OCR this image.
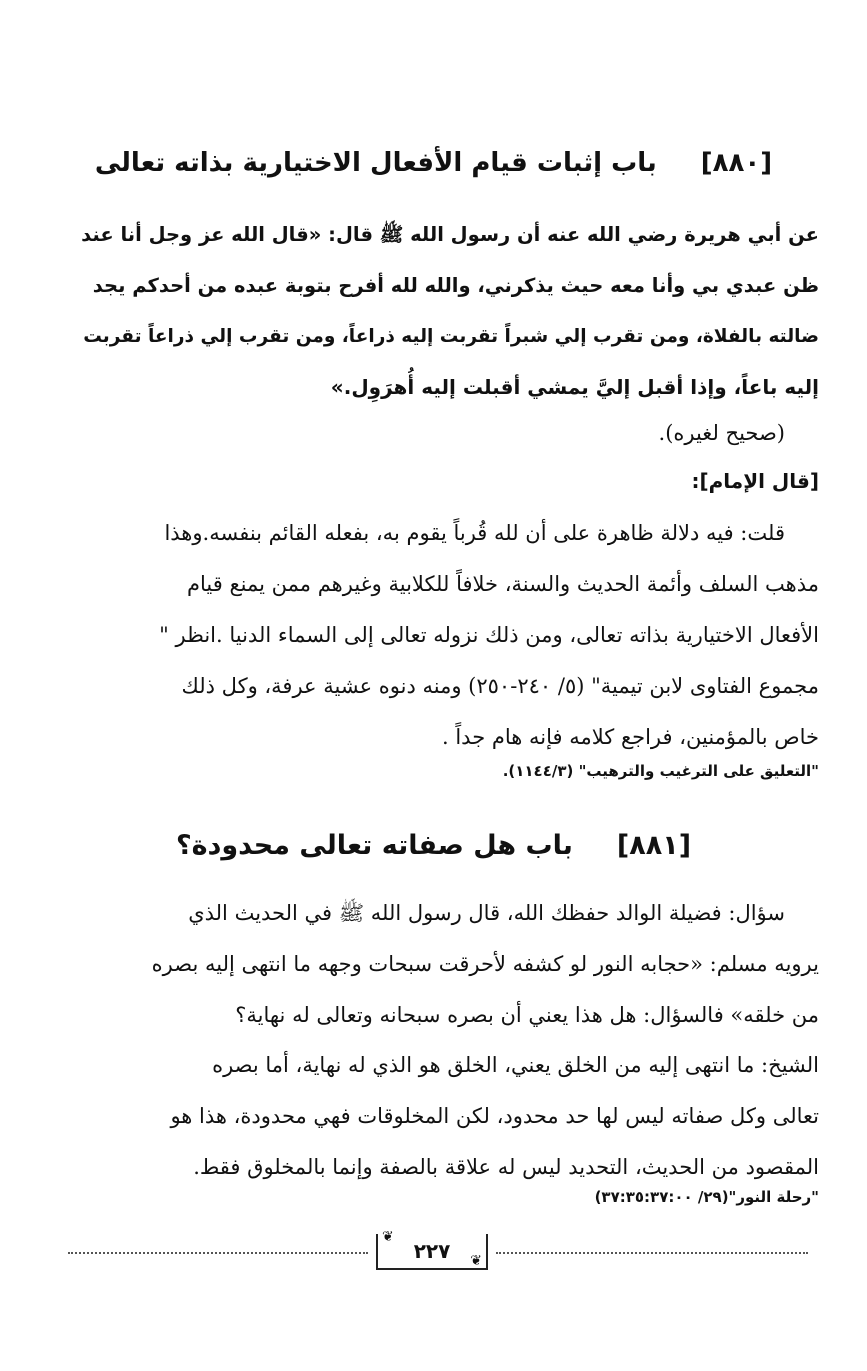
[٨٨٠]باب إثبات قيام الأفعال الاختيارية بذاته تعالى
عن أبي هريرة رضي الله عنه أن رسول الله ﷺ قال: «قال الله عز وجل أنا عند
ظن عبدي بي وأنا معه حيث يذكرني، والله لله أفرح بتوبة عبده من أحدكم يجد
ضالته بالفلاة، ومن تقرب إلي شبراً تقربت إليه ذراعاً، ومن تقرب إلي ذراعاً تقربت
إليه باعاً، وإذا أقبل إليَّ يمشي أقبلت إليه أُهرَوِل.»
(صحيح لغيره).
[قال الإمام]:
قلت: فيه دلالة ظاهرة على أن لله قُرباً يقوم به، بفعله القائم بنفسه.وهذا
مذهب السلف وأئمة الحديث والسنة، خلافاً للكلابية وغيرهم ممن يمنع قيام
الأفعال الاختيارية بذاته تعالى، ومن ذلك نزوله تعالى إلى السماء الدنيا .انظر "
مجموع الفتاوى لابن تيمية" (٥/ ٢٤٠-٢٥٠) ومنه دنوه عشية عرفة، وكل ذلك
خاص بالمؤمنين، فراجع كلامه فإنه هام جداً .
"التعليق على الترغيب والترهيب" (١١٤٤/٣).
[٨٨١]باب هل صفاته تعالى محدودة؟
سؤال: فضيلة الوالد حفظك الله، قال رسول الله ﷺ في الحديث الذي
يرويه مسلم: «حجابه النور لو كشفه لأحرقت سبحات وجهه ما انتهى إليه بصره
من خلقه» فالسؤال: هل هذا يعني أن بصره سبحانه وتعالى له نهاية؟
الشيخ: ما انتهى إليه من الخلق يعني، الخلق هو الذي له نهاية، أما بصره
تعالى وكل صفاته ليس لها حد محدود، لكن المخلوقات فهي محدودة، هذا هو
المقصود من الحديث، التحديد ليس له علاقة بالصفة وإنما بالمخلوق فقط.
"رحلة النور"(٢٩/ ٣٧:٣٥:٣٧:٠٠)
❦
٢٢٧ ❦
